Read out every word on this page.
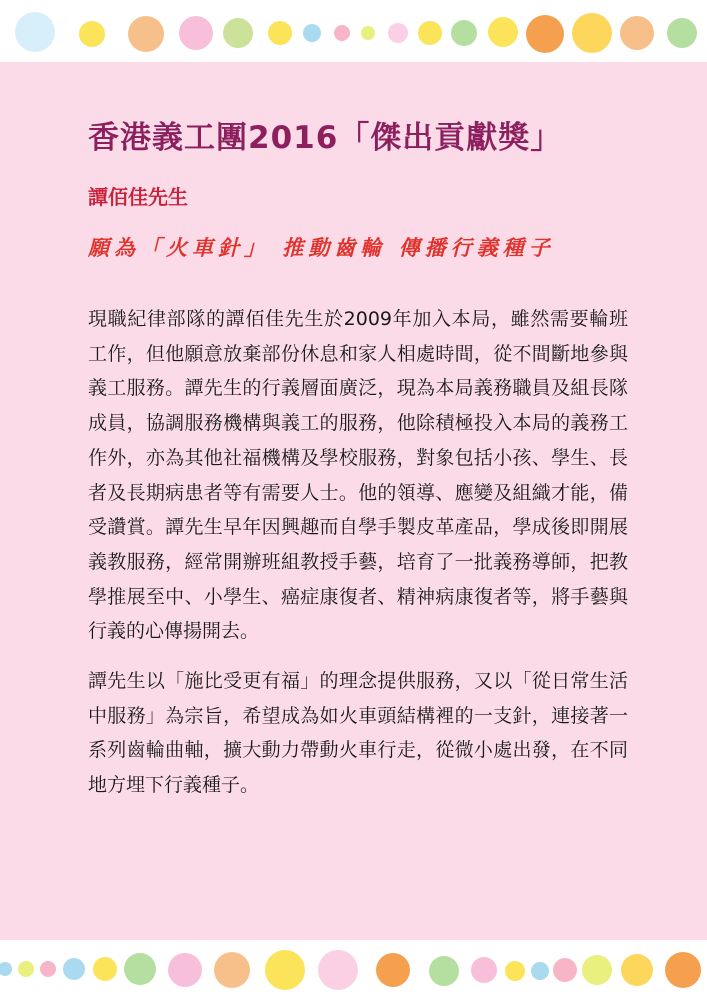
香港義工團2016「傑出貢獻獎」
譚佰佳先生
願為「火車針」 推動齒輪 傳播行義種子

現職紀律部隊的譚佰佳先生於2009年加入本局，雖然需要輪班工作，但他願意放棄部份休息和家人相處時間，從不間斷地參與義工服務。譚先生的行義層面廣泛，現為本局義務職員及組長隊成員，協調服務機構與義工的服務，他除積極投入本局的義務工作外，亦為其他社福機構及學校服務，對象包括小孩、學生、長者及長期病患者等有需要人士。他的領導、應變及組織才能，備受讚賞。譚先生早年因興趣而自學手製皮革產品，學成後即開展義教服務，經常開辦班組教授手藝，培育了一批義務導師，把教學推展至中、小學生、癌症康復者、精神病康復者等，將手藝與行義的心傳揚開去。

譚先生以「施比受更有福」的理念提供服務，又以「從日常生活中服務」為宗旨，希望成為如火車頭結構裡的一支針，連接著一系列齒輪曲軸，擴大動力帶動火車行走，從微小處出發，在不同地方埋下行義種子。
